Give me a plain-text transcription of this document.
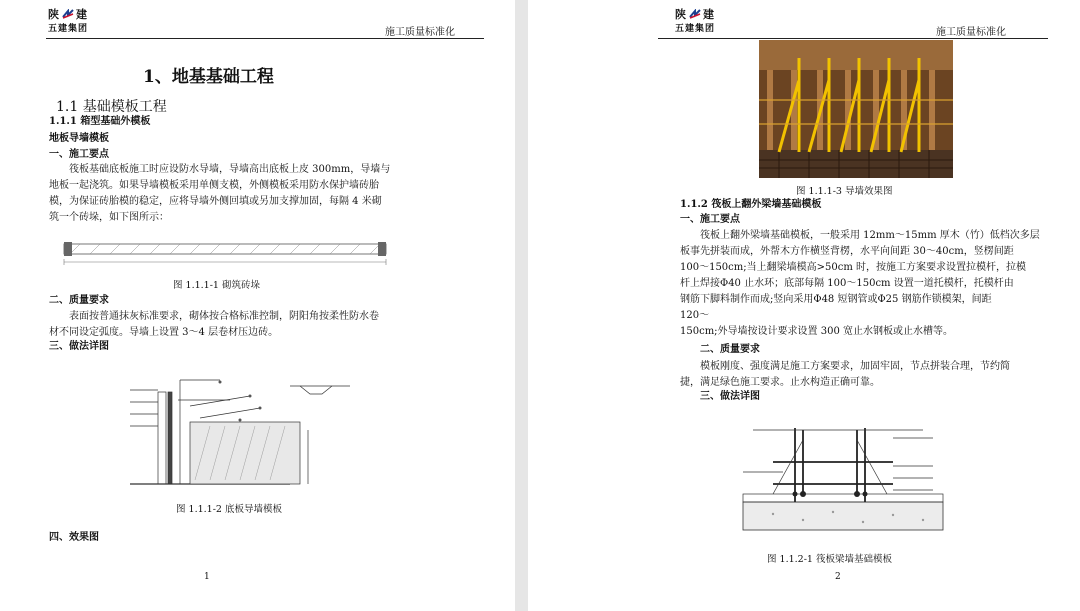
陕 建
五建集团	施工质量标准化
1、地基基础工程
1.1 基础模板工程
1.1.1 箱型基础外模板
地板导墙模板
一、施工要点
筏板基础底板施工时应设防水导墙，导墙高出底板上皮 300mm，导墙与
地板一起浇筑。如果导墙模板采用单侧支模，外侧模板采用防水保护墙砖胎
模，为保证砖胎模的稳定，应将导墙外侧回填或另加支撑加固，每隔 4 米砌
筑一个砖垛，如下图所示：
图 1.1.1-1 砌筑砖垛
二、质量要求
表面按普通抹灰标准要求，砌体按合格标准控制，阴阳角按柔性防水卷
材不同设定弧度。导墙上设置 3～4 层卷材压边砖。
三、做法详图
图 1.1.1-2 底板导墙模板
四、效果图
1
陕 建
五建集团	施工质量标准化
图 1.1.1-3 导墙效果图
1.1.2 筏板上翻外梁墙基础模板
一、施工要点
筏板上翻外梁墙基础模板，一般采用 12mm～15mm 厚木（竹）低档次多层
板事先拼装而成，外帮木方作横竖背楞，水平向间距 30～40cm，竖楞间距
100～150cm;当上翻梁墙模高>50cm 时，按施工方案要求设置拉模杆，拉模
杆上焊接Φ40 止水环；底部每隔 100～150cm 设置一道托模杆，托模杆由
钢筋下脚料制作而成;竖向采用Φ48 短钢管或Φ25 钢筋作锁模架，间距
120～
150cm;外导墙按设计要求设置 300 宽止水钢板或止水槽等。
二、质量要求
模板刚度、强度满足施工方案要求，加固牢固，节点拼装合理，节约简
捷，满足绿色施工要求。止水构造正确可靠。
三、做法详图
图 1.1.2-1 筏板梁墙基础模板
2
